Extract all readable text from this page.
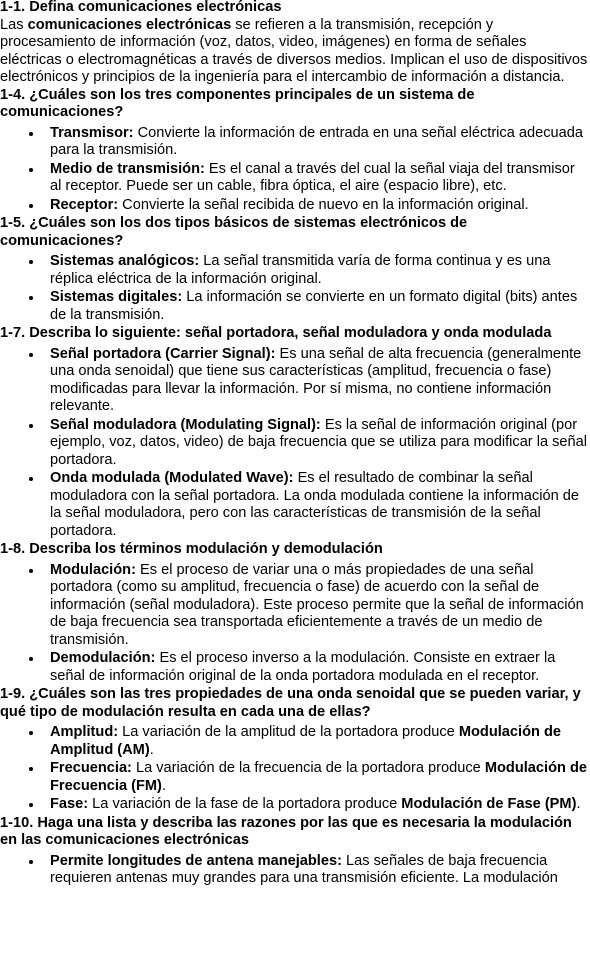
1-1. Defina comunicaciones electrónicas

Las comunicaciones electrónicas se refieren a la transmisión, recepción y procesamiento de información (voz, datos, video, imágenes) en forma de señales eléctricas o electromagnéticas a través de diversos medios. Implican el uso de dispositivos electrónicos y principios de la ingeniería para el intercambio de información a distancia.

1-4. ¿Cuáles son los tres componentes principales de un sistema de comunicaciones?

Transmisor: Convierte la información de entrada en una señal eléctrica adecuada para la transmisión.
Medio de transmisión: Es el canal a través del cual la señal viaja del transmisor al receptor. Puede ser un cable, fibra óptica, el aire (espacio libre), etc.
Receptor: Convierte la señal recibida de nuevo en la información original.

1-5. ¿Cuáles son los dos tipos básicos de sistemas electrónicos de comunicaciones?

Sistemas analógicos: La señal transmitida varía de forma continua y es una réplica eléctrica de la información original.
Sistemas digitales: La información se convierte en un formato digital (bits) antes de la transmisión.

1-7. Describa lo siguiente: señal portadora, señal moduladora y onda modulada

Señal portadora (Carrier Signal): Es una señal de alta frecuencia (generalmente una onda senoidal) que tiene sus características (amplitud, frecuencia o fase) modificadas para llevar la información. Por sí misma, no contiene información relevante.
Señal moduladora (Modulating Signal): Es la señal de información original (por ejemplo, voz, datos, video) de baja frecuencia que se utiliza para modificar la señal portadora.
Onda modulada (Modulated Wave): Es el resultado de combinar la señal moduladora con la señal portadora. La onda modulada contiene la información de la señal moduladora, pero con las características de transmisión de la señal portadora.

1-8. Describa los términos modulación y demodulación

Modulación: Es el proceso de variar una o más propiedades de una señal portadora (como su amplitud, frecuencia o fase) de acuerdo con la señal de información (señal moduladora). Este proceso permite que la señal de información de baja frecuencia sea transportada eficientemente a través de un medio de transmisión.
Demodulación: Es el proceso inverso a la modulación. Consiste en extraer la señal de información original de la onda portadora modulada en el receptor.

1-9. ¿Cuáles son las tres propiedades de una onda senoidal que se pueden variar, y qué tipo de modulación resulta en cada una de ellas?

Amplitud: La variación de la amplitud de la portadora produce Modulación de Amplitud (AM).
Frecuencia: La variación de la frecuencia de la portadora produce Modulación de Frecuencia (FM).
Fase: La variación de la fase de la portadora produce Modulación de Fase (PM).

1-10. Haga una lista y describa las razones por las que es necesaria la modulación en las comunicaciones electrónicas

Permite longitudes de antena manejables: Las señales de baja frecuencia requieren antenas muy grandes para una transmisión eficiente. La modulación
